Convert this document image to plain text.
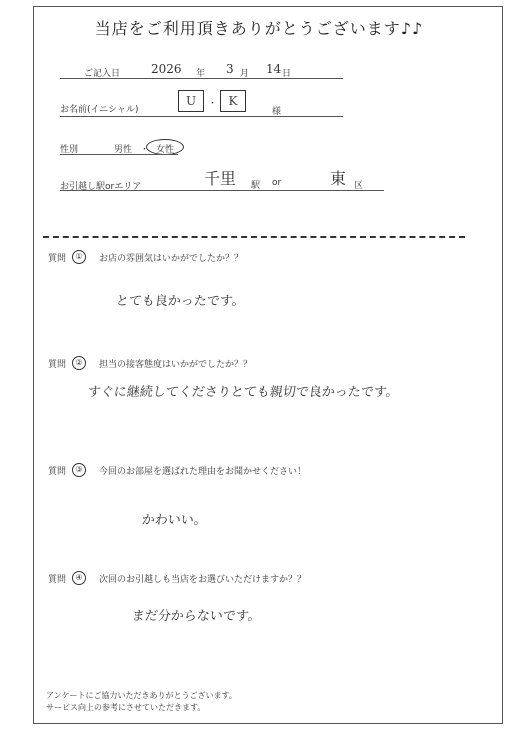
当店をご利用頂きありがとうございます♪♪
ご記入日	2026 年 3 月 14 日
お名前(イニシャル)
U	・ K
様
性別	男性 ・ 女性
お引越し駅orエリア	千里 駅 or	東 区
質問	①	お店の雰囲気はいかがでしたか？？
とても良かったです。
質問	②	担当の接客態度はいかがでしたか？？
すぐに継続してくださりとても親切で良かったです。
質問	③	今回のお部屋を選ばれた理由をお聞かせください！
かわいい。
質問	④	次回のお引越しも当店をお選びいただけますか？？
まだ分からないです。
アンケートにご協力いただきありがとうございます。
サービス向上の参考にさせていただきます。
